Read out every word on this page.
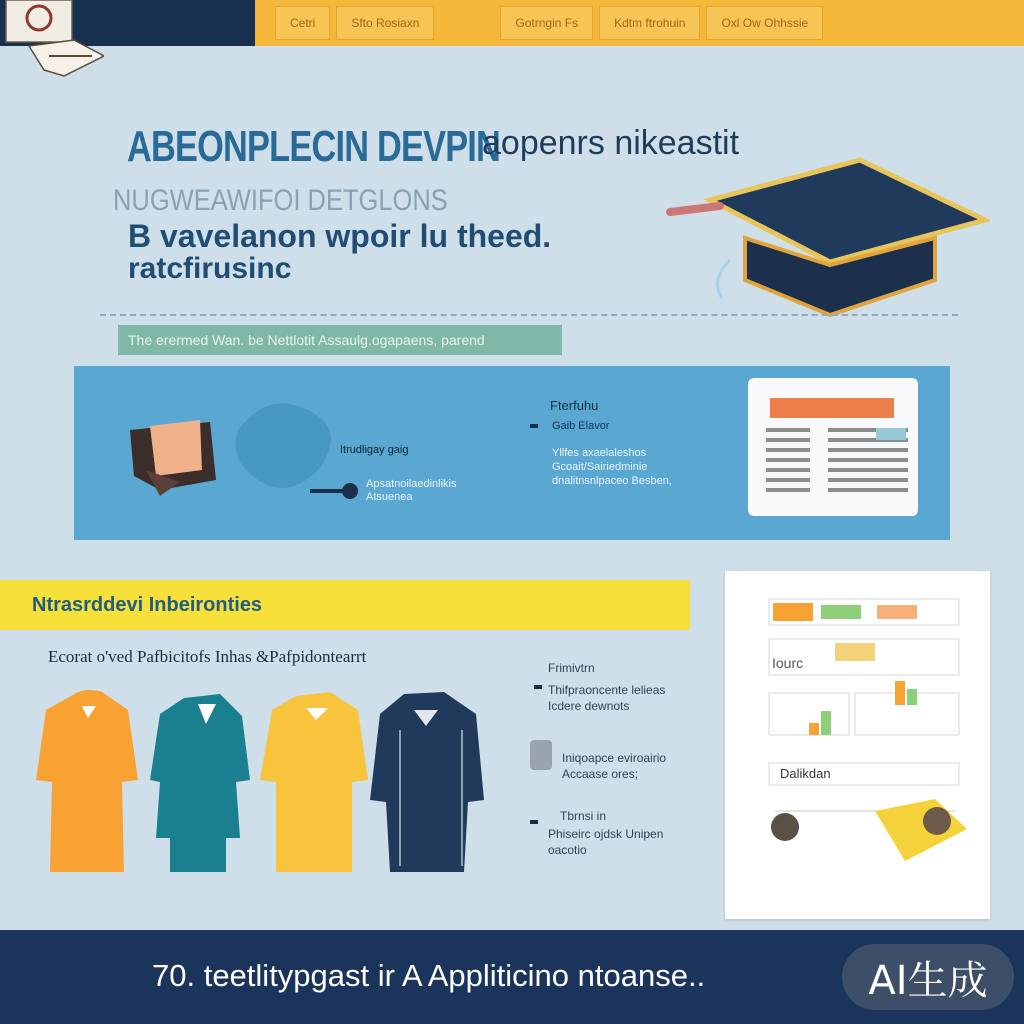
Cetri	Sfto Rosiaxn	Gotrngin Fs	Kdtm ftrohuin	Oxl Ow Ohhssie
ABEONPLECIN DEVPIN
aopenrs nikeastit
NUGWEAWIFOI DETGLONS
B vavelanon wpoir lu theed.
ratcfirusinc
The erermed Wan. be Nettlotit Assaulg.ogapaens, parend
Itrudligay gaig
Apsatnoilaedinlikis Atsuenea
Fterfuhu
Gaib Elavor
Yllfes axaelaleshos Gcoait/Sairiedminie dnalitnsnlpaceo Besben,
Ntrasrddevi Inbeironties
Ecorat o'ved Pafbicitofs Inhas &Pafpidontearrt
Frimivtrn
Thifpraoncente lelieas Icdere dewnots
Iniqoapce eviroairio Accaase ores;
Tbrnsi in
Phiseirc ojdsk Unipen oacotio
Iourc
Dalikdan
70. teetlitypgast ir A Appliticino ntoanse..	AI生成
